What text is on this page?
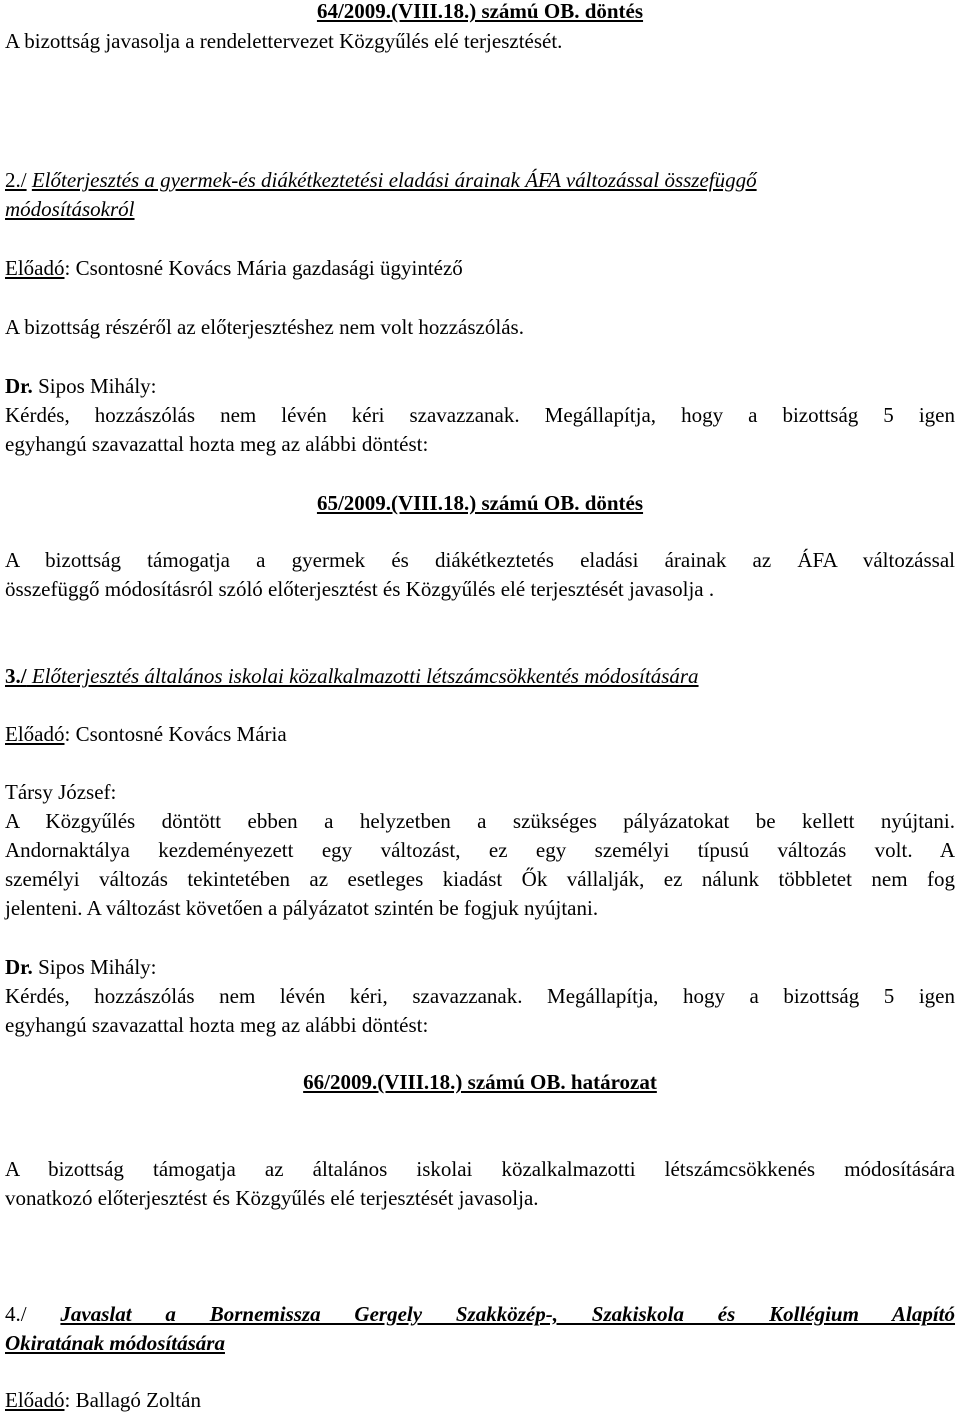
64/2009.(VIII.18.) számú OB. döntés

A bizottság javasolja a rendelettervezet Közgyűlés elé terjesztését.

2./ Előterjesztés a gyermek-és diákétkeztetési eladási árainak ÁFA változással összefüggő
módosításokról

Előadó: Csontosné Kovács Mária gazdasági ügyintéző

A bizottság részéről az előterjesztéshez nem volt hozzászólás.

Dr. Sipos Mihály:

Kérdés, hozzászólás nem lévén kéri szavazzanak. Megállapítja, hogy a bizottság 5 igen
egyhangú szavazattal hozta meg az alábbi döntést:

65/2009.(VIII.18.) számú OB. döntés

A bizottság támogatja a gyermek és diákétkeztetés eladási árainak az ÁFA változással
összefüggő módosításról szóló előterjesztést és Közgyűlés elé terjesztését javasolja .

3./ Előterjesztés általános iskolai közalkalmazotti létszámcsökkentés módosítására

Előadó: Csontosné Kovács Mária

Társy József:

A Közgyűlés döntött ebben a helyzetben a szükséges pályázatokat be kellett nyújtani.
Andornaktálya kezdeményezett egy változást, ez egy személyi típusú változás volt. A
személyi változás tekintetében az esetleges kiadást Ők vállalják, ez nálunk többletet nem fog
jelenteni. A változást követően a pályázatot szintén be fogjuk nyújtani.

Dr. Sipos Mihály:

Kérdés, hozzászólás nem lévén kéri, szavazzanak. Megállapítja, hogy a bizottság 5 igen
egyhangú szavazattal hozta meg az alábbi döntést:

66/2009.(VIII.18.) számú OB. határozat

A bizottság támogatja az általános iskolai közalkalmazotti létszámcsökkenés módosítására
vonatkozó előterjesztést és Közgyűlés elé terjesztését javasolja.
4./ Javaslat a Bornemissza Gergely Szakközép-, Szakiskola és Kollégium Alapító
Okiratának módosítására

Előadó: Ballagó Zoltán
